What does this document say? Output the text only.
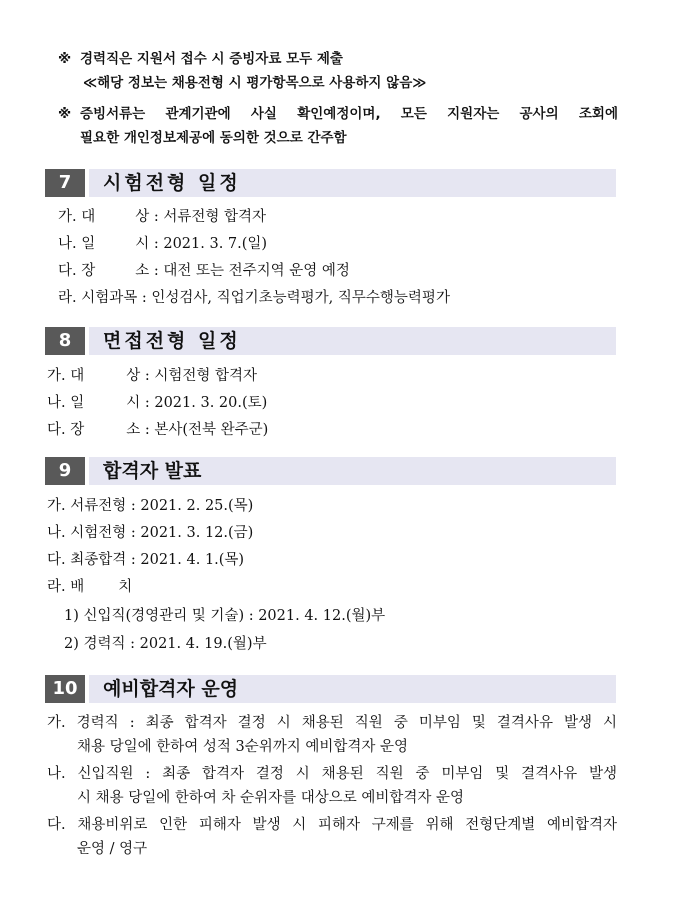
※ 경력직은 지원서 접수 시 증빙자료 모두 제출
≪해당 정보는 채용전형 시 평가항목으로 사용하지 않음≫
※ 증빙서류는 관계기관에 사실 확인예정이며, 모든 지원자는 공사의 조회에
필요한 개인정보제공에 동의한 것으로 간주함
7	시험전형 일정
가. 대 상 : 서류전형 합격자
나. 일 시 : 2021. 3. 7.(일)
다. 장 소 : 대전 또는 전주지역 운영 예정
라. 시험과목 : 인성검사, 직업기초능력평가, 직무수행능력평가
8	면접전형 일정
가. 대 상 : 시험전형 합격자
나. 일 시 : 2021. 3. 20.(토)
다. 장 소 : 본사(전북 완주군)
9	합격자 발표
가. 서류전형 : 2021. 2. 25.(목)
나. 시험전형 : 2021. 3. 12.(금)
다. 최종합격 : 2021. 4. 1.(목)
라. 배 치
1) 신입직(경영관리 및 기술) : 2021. 4. 12.(월)부
2) 경력직 : 2021. 4. 19.(월)부
10	예비합격자 운영
가. 경력직 : 최종 합격자 결정 시 채용된 직원 중 미부임 및 결격사유 발생 시
채용 당일에 한하여 성적 3순위까지 예비합격자 운영
나. 신입직원 : 최종 합격자 결정 시 채용된 직원 중 미부임 및 결격사유 발생
시 채용 당일에 한하여 차 순위자를 대상으로 예비합격자 운영
다. 채용비위로 인한 피해자 발생 시 피해자 구제를 위해 전형단계별 예비합격자
운영 / 영구
